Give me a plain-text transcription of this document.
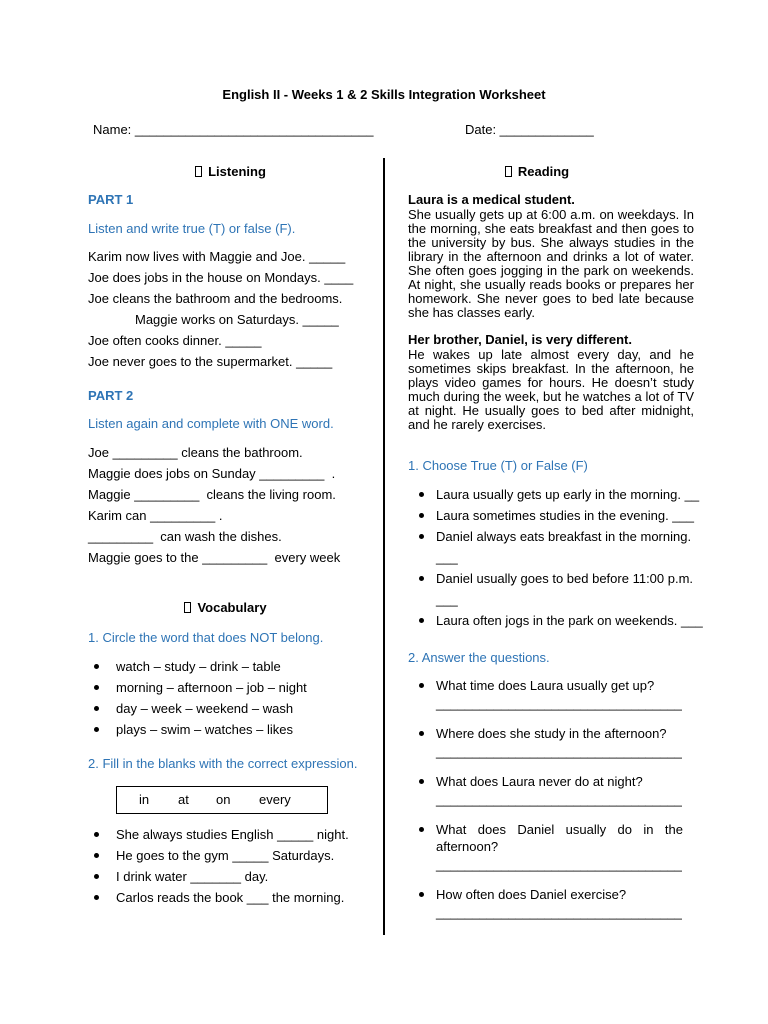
English II - Weeks 1 & 2 Skills Integration Worksheet
Name: _________________________________	Date: _____________
Listening
PART 1
Listen and write true (T) or false (F).
Karim now lives with Maggie and Joe. _____
Joe does jobs in the house on Mondays. ____
Joe cleans the bathroom and the bedrooms.
Maggie works on Saturdays. _____
Joe often cooks dinner. _____
Joe never goes to the supermarket. _____
PART 2
Listen again and complete with ONE word.
Joe _________ cleans the bathroom.
Maggie does jobs on Sunday _________  .
Maggie _________  cleans the living room.
Karim can _________ .
_________  can wash the dishes.
Maggie goes to the _________  every week
Vocabulary
1. Circle the word that does NOT belong.
watch – study – drink – table
morning – afternoon – job – night
day – week – weekend – wash
plays – swim – watches – likes
2. Fill in the blanks with the correct expression.
in at on every
She always studies English _____ night.
He goes to the gym _____ Saturdays.
I drink water _______ day.
Carlos reads the book ___ the morning.
Reading
Laura is a medical student.
She usually gets up at 6:00 a.m. on weekdays. In the morning, she eats breakfast and then goes to the university by bus. She always studies in the library in the afternoon and drinks a lot of water. She often goes jogging in the park on weekends. At night, she usually reads books or prepares her homework. She never goes to bed late because she has classes early.
Her brother, Daniel, is very different.
He wakes up late almost every day, and he sometimes skips breakfast. In the afternoon, he plays video games for hours. He doesn’t study much during the week, but he watches a lot of TV at night. He usually goes to bed after midnight, and he rarely exercises.
1. Choose True (T) or False (F)
Laura usually gets up early in the morning. __
Laura sometimes studies in the evening. ___
Daniel always eats breakfast in the morning. ___
Daniel usually goes to bed before 11:00 p.m. ___
Laura often jogs in the park on weekends. ___
2. Answer the questions.
What time does Laura usually get up?
__________________________________
Where does she study in the afternoon?
__________________________________
What does Laura never do at night?
__________________________________
What does Daniel usually do in the afternoon?
__________________________________
How often does Daniel exercise?
__________________________________
